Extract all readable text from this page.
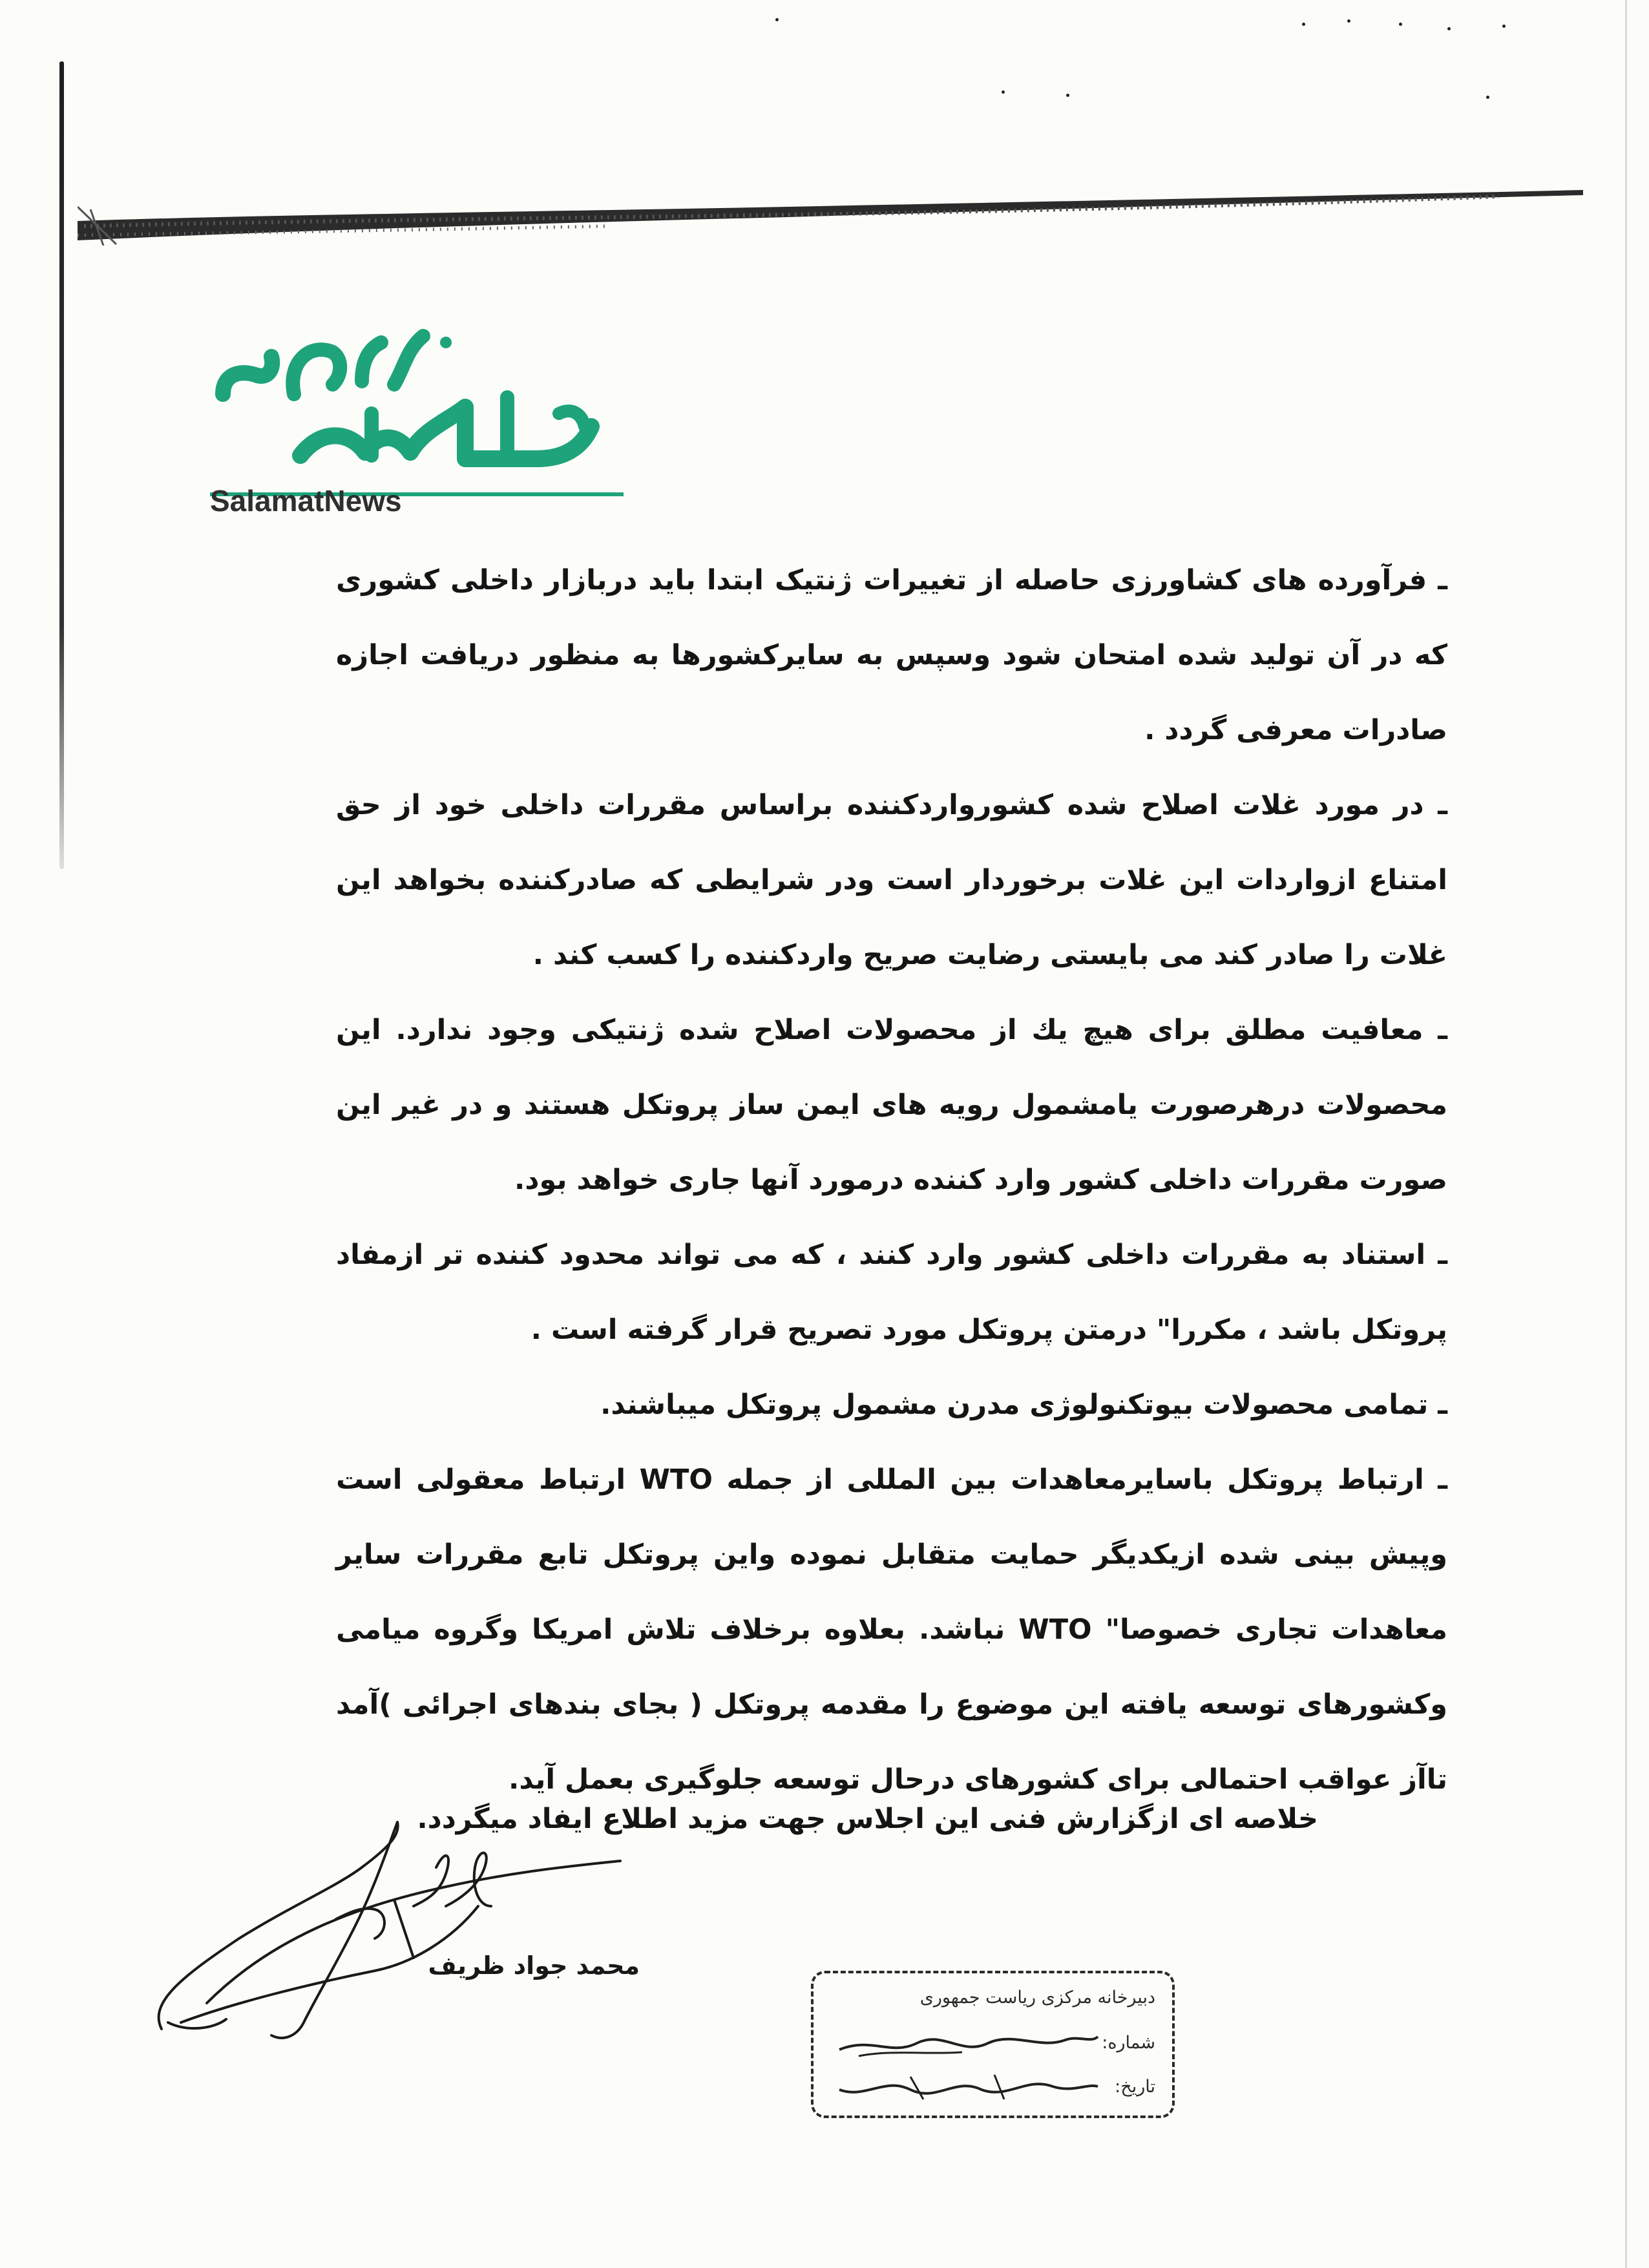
SalamatNews

ـ فرآورده های کشاورزی حاصله از تغییرات ژنتیک ابتدا باید دربازار داخلی کشوری که در آن تولید شده امتحان شود وسپس به سایرکشورها به منظور دریافت اجازه صادرات معرفی گردد .

ـ در مورد غلات اصلاح شده کشورواردکننده براساس مقررات داخلی خود از حق امتناع ازواردات این غلات برخوردار است ودر شرایطی که صادرکننده بخواهد این غلات را صادر کند می بایستی رضایت صریح واردکننده را کسب کند .

ـ معافیت مطلق برای هیچ یك از محصولات اصلاح شده ژنتیکی وجود ندارد. این محصولات درهرصورت یامشمول رویه های ایمن ساز پروتکل هستند و در غیر این صورت مقررات داخلی کشور وارد کننده درمورد آنها جاری خواهد بود.

ـ استناد به مقررات داخلی کشور وارد کنند ، که می تواند محدود کننده تر ازمفاد پروتکل باشد ، مکررا" درمتن پروتکل مورد تصریح قرار گرفته است .

ـ تمامی محصولات بیوتکنولوژی مدرن مشمول پروتکل میباشند.

ـ ارتباط پروتکل باسایرمعاهدات بین المللی از جمله WTO ارتباط معقولی است وپیش بینی شده ازیکدیگر حمایت متقابل نموده واین پروتکل تابع مقررات سایر معاهدات تجاری خصوصا" WTO نباشد. بعلاوه برخلاف تلاش امریکا وگروه میامی وکشورهای توسعه یافته این موضوع را مقدمه پروتکل ( بجای بندهای اجرائی )آمد تاآز عواقب احتمالی برای کشورهای درحال توسعه جلوگیری بعمل آید.

خلاصه ای ازگزارش فنی این اجلاس جهت مزید اطلاع ایفاد میگردد.
محمد جواد ظریف
دبیرخانه مرکزی ریاست جمهوری
شماره:
تاریخ:
